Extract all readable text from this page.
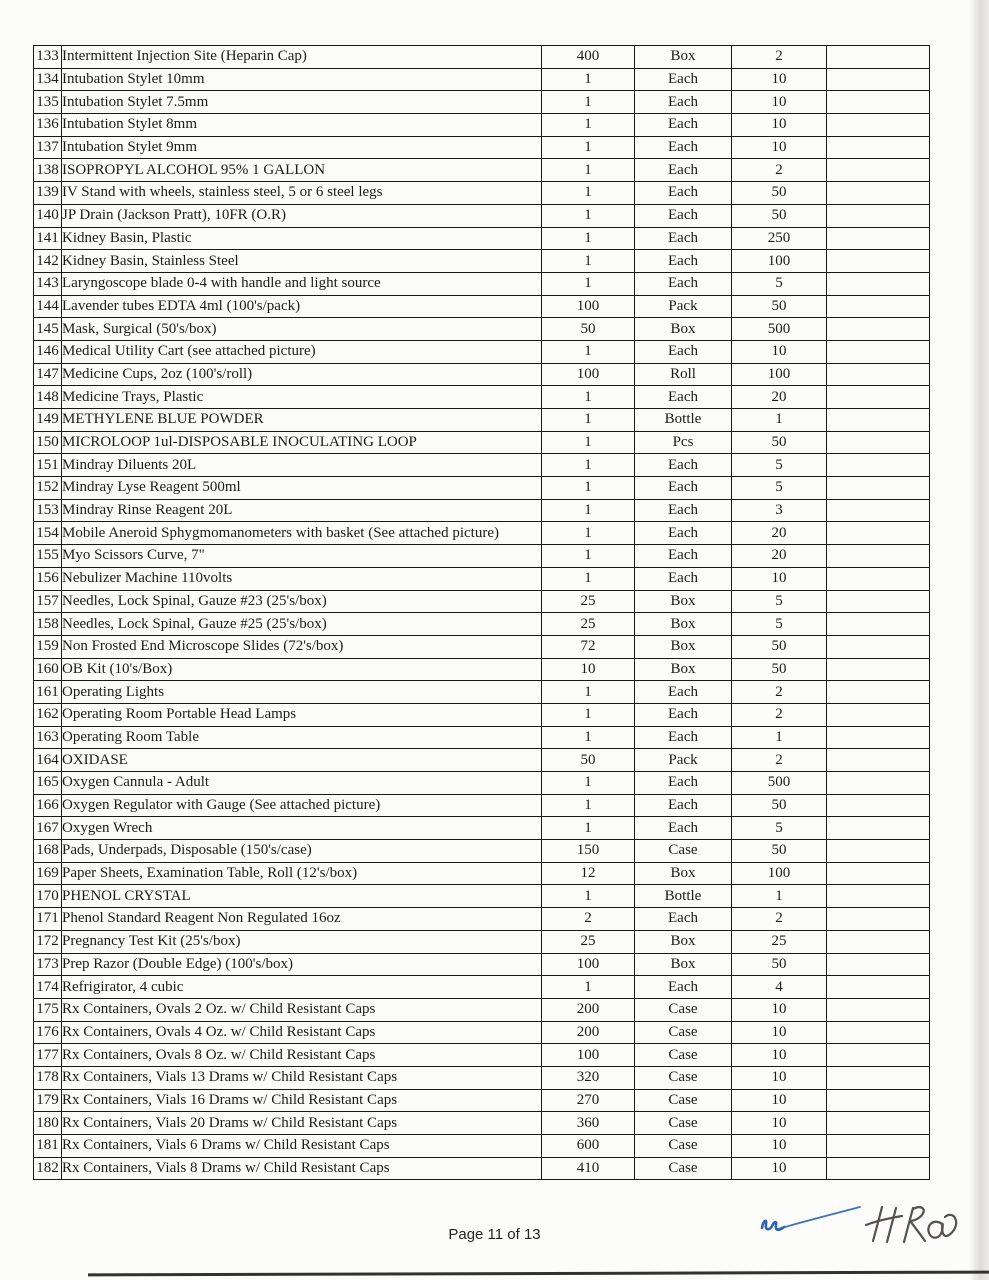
133	Intermittent Injection Site (Heparin Cap)	400	Box	2	
134	Intubation Stylet 10mm	1	Each	10	
135	Intubation Stylet 7.5mm	1	Each	10	
136	Intubation Stylet 8mm	1	Each	10	
137	Intubation Stylet 9mm	1	Each	10	
138	ISOPROPYL ALCOHOL 95% 1 GALLON	1	Each	2	
139	IV Stand with wheels, stainless steel, 5 or 6 steel legs	1	Each	50	
140	JP Drain (Jackson Pratt), 10FR (O.R)	1	Each	50	
141	Kidney Basin, Plastic	1	Each	250	
142	Kidney Basin, Stainless Steel	1	Each	100	
143	Laryngoscope blade 0-4 with handle and light source	1	Each	5	
144	Lavender tubes EDTA 4ml (100's/pack)	100	Pack	50	
145	Mask, Surgical (50's/box)	50	Box	500	
146	Medical Utility Cart (see attached picture)	1	Each	10	
147	Medicine Cups, 2oz (100's/roll)	100	Roll	100	
148	Medicine Trays, Plastic	1	Each	20	
149	METHYLENE BLUE POWDER	1	Bottle	1	
150	MICROLOOP 1ul-DISPOSABLE INOCULATING LOOP	1	Pcs	50	
151	Mindray Diluents 20L	1	Each	5	
152	Mindray Lyse Reagent 500ml	1	Each	5	
153	Mindray Rinse Reagent 20L	1	Each	3	
154	Mobile Aneroid Sphygmomanometers with basket (See attached picture)	1	Each	20	
155	Myo Scissors Curve, 7"	1	Each	20	
156	Nebulizer Machine 110volts	1	Each	10	
157	Needles, Lock Spinal, Gauze #23 (25's/box)	25	Box	5	
158	Needles, Lock Spinal, Gauze #25 (25's/box)	25	Box	5	
159	Non Frosted End Microscope Slides (72's/box)	72	Box	50	
160	OB Kit (10's/Box)	10	Box	50	
161	Operating Lights	1	Each	2	
162	Operating Room Portable Head Lamps	1	Each	2	
163	Operating Room Table	1	Each	1	
164	OXIDASE	50	Pack	2	
165	Oxygen Cannula - Adult	1	Each	500	
166	Oxygen Regulator with Gauge (See attached picture)	1	Each	50	
167	Oxygen Wrech	1	Each	5	
168	Pads, Underpads, Disposable (150's/case)	150	Case	50	
169	Paper Sheets, Examination Table, Roll (12's/box)	12	Box	100	
170	PHENOL CRYSTAL	1	Bottle	1	
171	Phenol Standard Reagent Non Regulated 16oz	2	Each	2	
172	Pregnancy Test Kit (25's/box)	25	Box	25	
173	Prep Razor (Double Edge) (100's/box)	100	Box	50	
174	Refrigirator, 4 cubic	1	Each	4	
175	Rx Containers, Ovals 2 Oz. w/ Child Resistant Caps	200	Case	10	
176	Rx Containers, Ovals 4 Oz. w/ Child Resistant Caps	200	Case	10	
177	Rx Containers, Ovals 8 Oz. w/ Child Resistant Caps	100	Case	10	
178	Rx Containers, Vials 13 Drams w/ Child Resistant Caps	320	Case	10	
179	Rx Containers, Vials 16 Drams w/ Child Resistant Caps	270	Case	10	
180	Rx Containers, Vials 20 Drams w/ Child Resistant Caps	360	Case	10	
181	Rx Containers, Vials 6 Drams w/ Child Resistant Caps	600	Case	10	
182	Rx Containers, Vials 8 Drams w/ Child Resistant Caps	410	Case	10	
Page 11 of 13
